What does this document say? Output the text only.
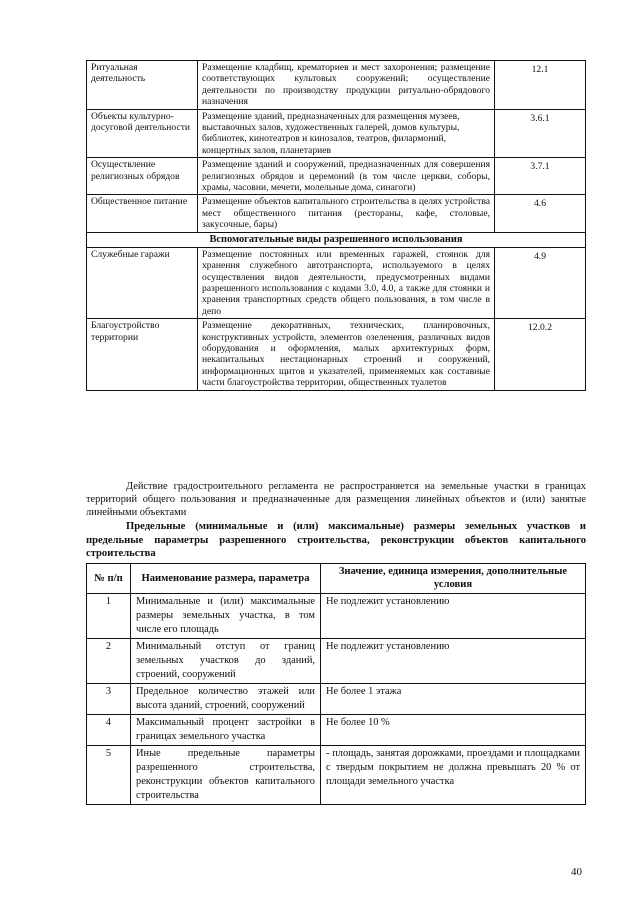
Ритуальная деятельность	Размещение кладбищ, крематориев и мест захоронения; размещение соответствующих культовых сооружений; осуществление деятельности по производству продукции ритуально-обрядового назначения	12.1
Объекты культурно-досуговой деятельности	Размещение зданий, предназначенных для размещения музеев, выставочных залов, художественных галерей, домов культуры, библиотек, кинотеатров и кинозалов, театров, филармоний, концертных залов, планетариев	3.6.1
Осуществление религиозных обрядов	Размещение зданий и сооружений, предназначенных для совершения религиозных обрядов и церемоний (в том числе церкви, соборы, храмы, часовни, мечети, молельные дома, синагоги)	3.7.1
Общественное питание	Размещение объектов капитального строительства в целях устройства мест общественного питания (рестораны, кафе, столовые, закусочные, бары)	4.6
Вспомогательные виды разрешенного использования		
Служебные гаражи	Размещение постоянных или временных гаражей, стоянок для хранения служебного автотранспорта, используемого в целях осуществления видов деятельности, предусмотренных видами разрешенного использования с кодами 3.0, 4.0, а также для стоянки и хранения транспортных средств общего пользования, в том числе в депо	4.9
Благоустройство территории	Размещение декоративных, технических, планировочных, конструктивных устройств, элементов озеленения, различных видов оборудования и оформления, малых архитектурных форм, некапитальных нестационарных строений и сооружений, информационных щитов и указателей, применяемых как составные части благоустройства территории, общественных туалетов	12.0.2

Действие градостроительного регламента не распространяется на земельные участки в границах территорий общего пользования и предназначенные для размещения линейных объектов и (или) занятые линейными объектами

Предельные (минимальные и (или) максимальные) размеры земельных участков и предельные параметры разрешенного строительства, реконструкции объектов капитального строительства

№ п/п	Наименование размера, параметра	Значение, единица измерения, дополнительные условия
1	Минимальные и (или) максимальные размеры земельных участка, в том числе его площадь	Не подлежит установлению
2	Минимальный отступ от границ земельных участков до зданий, строений, сооружений	Не подлежит установлению
3	Предельное количество этажей или высота зданий, строений, сооружений	Не более 1 этажа
4	Максимальный процент застройки в границах земельного участка	Не более 10 %
5	Иные предельные параметры разрешенного строительства, реконструкции объектов капитального строительства	- площадь, занятая дорожками, проездами и площадками с твердым покрытием не должна превышать 20 % от площади земельного участка
40
